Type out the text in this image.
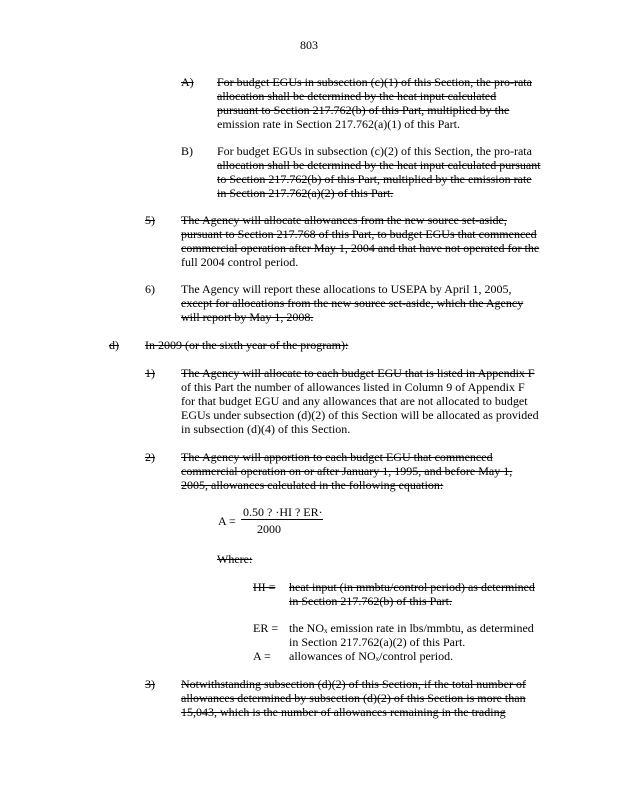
803
A) For budget EGUs in subsection (c)(1) of this Section, the pro-rata
allocation shall be determined by the heat input calculated
pursuant to Section 217.762(b) of this Part, multiplied by the
emission rate in Section 217.762(a)(1) of this Part.
B) For budget EGUs in subsection (c)(2) of this Section, the pro-rata
allocation shall be determined by the heat input calculated pursuant
to Section 217.762(b) of this Part, multiplied by the emission rate
in Section 217.762(a)(2) of this Part.
5) The Agency will allocate allowances from the new source set-aside,
pursuant to Section 217.768 of this Part, to budget EGUs that commenced
commercial operation after May 1, 2004 and that have not operated for the
full 2004 control period.
6) The Agency will report these allocations to USEPA by April 1, 2005,
except for allocations from the new source set-aside, which the Agency
will report by May 1, 2008.
d) In 2009 (or the sixth year of the program):
1) The Agency will allocate to each budget EGU that is listed in Appendix F
of this Part the number of allowances listed in Column 9 of Appendix F
for that budget EGU and any allowances that are not allocated to budget
EGUs under subsection (d)(2) of this Section will be allocated as provided
in subsection (d)(4) of this Section.
2) The Agency will apportion to each budget EGU that commenced
commercial operation on or after January 1, 1995, and before May 1,
2005, allowances calculated in the following equation:
A =
0.50 ? ·HI ? ER·
2000
Where:
HI = heat input (in mmbtu/control period) as determined
in Section 217.762(b) of this Part.
ER = the NOₓ emission rate in lbs/mmbtu, as determined
in Section 217.762(a)(2) of this Part.
A = allowances of NOₓ/control period.
3) Notwithstanding subsection (d)(2) of this Section, if the total number of
allowances determined by subsection (d)(2) of this Section is more than
15,043, which is the number of allowances remaining in the trading
